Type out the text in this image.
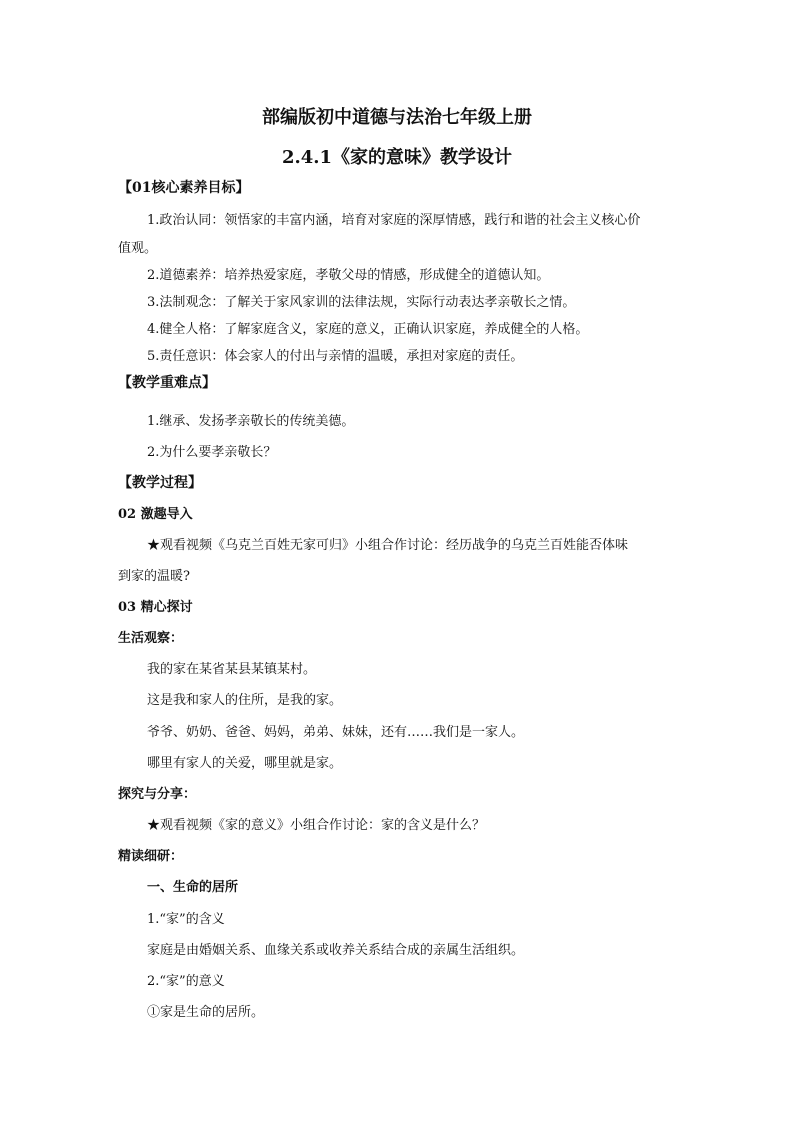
部编版初中道德与法治七年级上册
2.4.1《家的意味》教学设计
【01核心素养目标】
1.政治认同：领悟家的丰富内涵，培育对家庭的深厚情感，践行和谐的社会主义核心价
值观。
2.道德素养：培养热爱家庭，孝敬父母的情感，形成健全的道德认知。
3.法制观念：了解关于家风家训的法律法规，实际行动表达孝亲敬长之情。
4.健全人格：了解家庭含义，家庭的意义，正确认识家庭，养成健全的人格。
5.责任意识：体会家人的付出与亲情的温暖，承担对家庭的责任。
【教学重难点】
1.继承、发扬孝亲敬长的传统美德。
2.为什么要孝亲敬长？
【教学过程】
02 激趣导入
★观看视频《乌克兰百姓无家可归》小组合作讨论：经历战争的乌克兰百姓能否体味
到家的温暖?
03 精心探讨
生活观察：
我的家在某省某县某镇某村。
这是我和家人的住所，是我的家。
爷爷、奶奶、爸爸、妈妈，弟弟、妹妹，还有……我们是一家人。
哪里有家人的关爱，哪里就是家。
探究与分享：
★观看视频《家的意义》小组合作讨论：家的含义是什么？
精读细研：
一、生命的居所
1.“家”的含义
家庭是由婚姻关系、血缘关系或收养关系结合成的亲属生活组织。
2.“家”的意义
①家是生命的居所。
